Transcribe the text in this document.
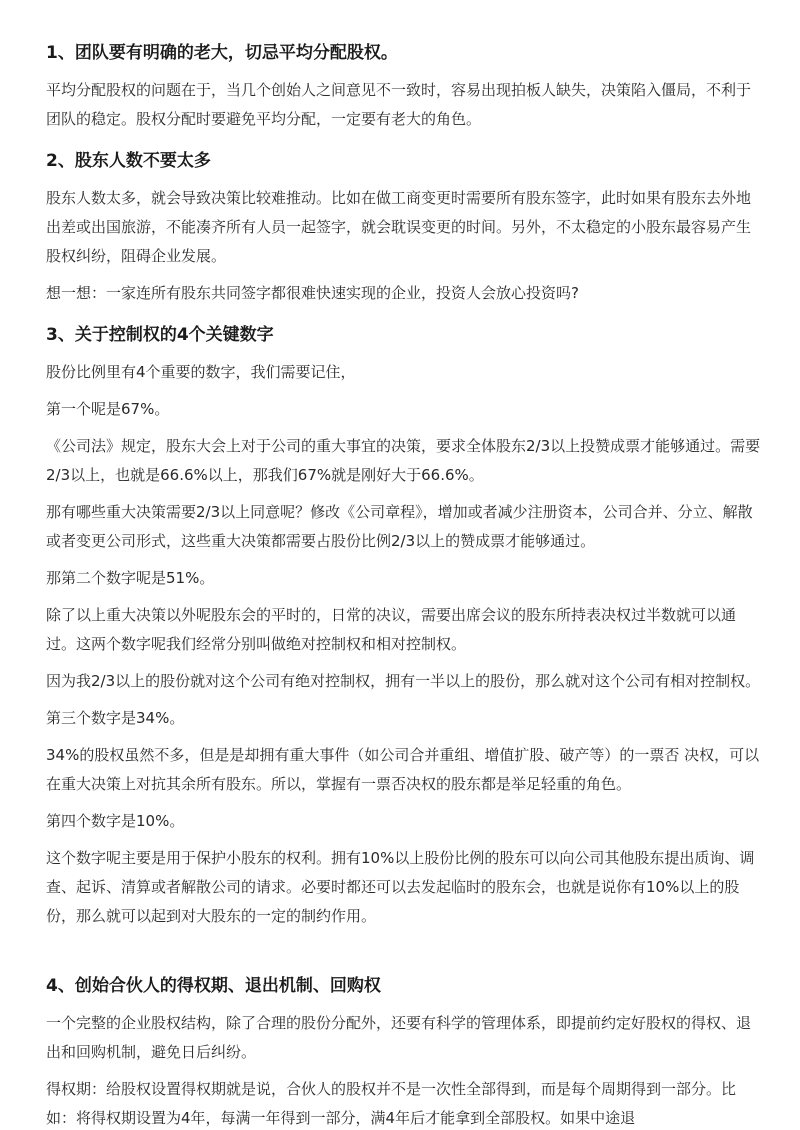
1、团队要有明确的老大，切忌平均分配股权。

平均分配股权的问题在于，当几个创始人之间意见不一致时，容易出现拍板人缺失，决策陷入僵局，不利于团队的稳定。股权分配时要避免平均分配，一定要有老大的角色。

2、股东人数不要太多

股东人数太多，就会导致决策比较难推动。比如在做工商变更时需要所有股东签字，此时如果有股东去外地出差或出国旅游，不能凑齐所有人员一起签字，就会耽误变更的时间。另外，不太稳定的小股东最容易产生股权纠纷，阻碍企业发展。

想一想：一家连所有股东共同签字都很难快速实现的企业，投资人会放心投资吗?

3、关于控制权的4个关键数字

股份比例里有4个重要的数字，我们需要记住，

第一个呢是67%。

《公司法》规定，股东大会上对于公司的重大事宜的决策，要求全体股东2/3以上投赞成票才能够通过。需要2/3以上，也就是66.6%以上，那我们67%就是刚好大于66.6%。

那有哪些重大决策需要2/3以上同意呢？修改《公司章程》，增加或者减少注册资本，公司合并、分立、解散或者变更公司形式，这些重大决策都需要占股份比例2/3以上的赞成票才能够通过。

那第二个数字呢是51%。

除了以上重大决策以外呢股东会的平时的，日常的决议，需要出席会议的股东所持表决权过半数就可以通过。这两个数字呢我们经常分别叫做绝对控制权和相对控制权。

因为我2/3以上的股份就对这个公司有绝对控制权，拥有一半以上的股份，那么就对这个公司有相对控制权。

第三个数字是34%。

34%的股权虽然不多，但是是却拥有重大事件（如公司合并重组、增值扩股、破产等）的一票否 决权，可以在重大决策上对抗其余所有股东。所以，掌握有一票否决权的股东都是举足轻重的角色。

第四个数字是10%。

这个数字呢主要是用于保护小股东的权利。拥有10%以上股份比例的股东可以向公司其他股东提出质询、调查、起诉、清算或者解散公司的请求。必要时都还可以去发起临时的股东会，也就是说你有10%以上的股份，那么就可以起到对大股东的一定的制约作用。

4、创始合伙人的得权期、退出机制、回购权

一个完整的企业股权结构，除了合理的股份分配外，还要有科学的管理体系，即提前约定好股权的得权、退出和回购机制，避免日后纠纷。

得权期：给股权设置得权期就是说，合伙人的股权并不是一次性全部得到，而是每个周期得到一部分。比如：将得权期设置为4年，每满一年得到一部分，满4年后才能拿到全部股权。如果中途退
